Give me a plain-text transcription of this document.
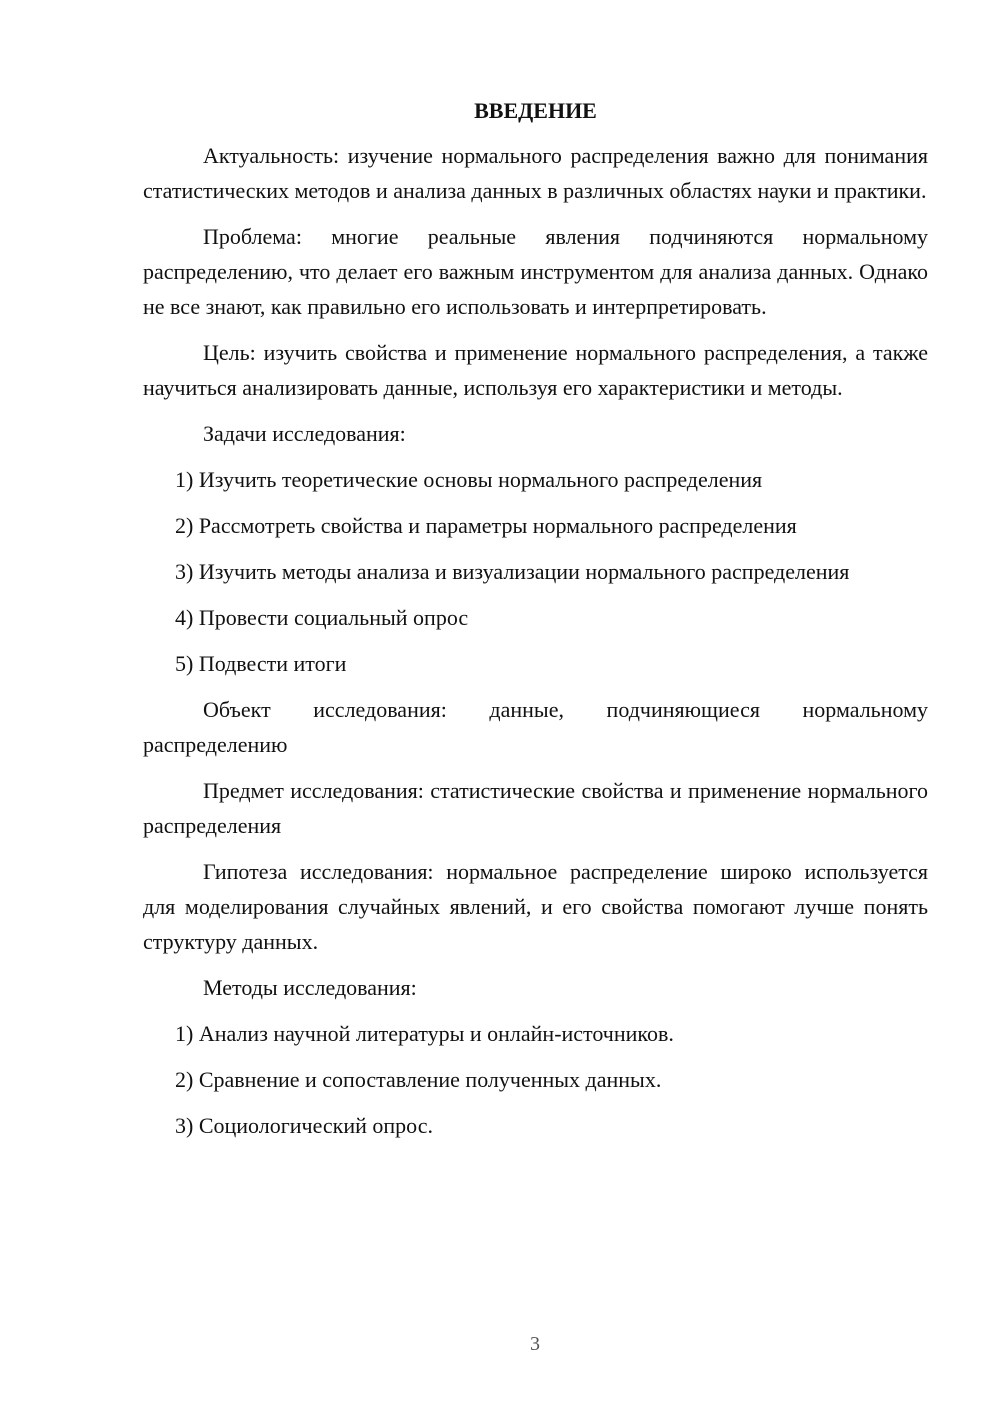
ВВЕДЕНИЕ

Актуальность: изучение нормального распределения важно для понимания статистических методов и анализа данных в различных областях науки и практики.

Проблема: многие реальные явления подчиняются нормальному распределению, что делает его важным инструментом для анализа данных. Однако не все знают, как правильно его использовать и интерпретировать.

Цель: изучить свойства и применение нормального распределения, а также научиться анализировать данные, используя его характеристики и методы.

Задачи исследования:

1) Изучить теоретические основы нормального распределения

2) Рассмотреть свойства и параметры нормального распределения

3) Изучить методы анализа и визуализации нормального распределения

4) Провести социальный опрос

5) Подвести итоги

Объект исследования: данные, подчиняющиеся нормальному распределению

Предмет исследования: статистические свойства и применение нормального распределения

Гипотеза исследования: нормальное распределение широко используется для моделирования случайных явлений, и его свойства помогают лучше понять структуру данных.

Методы исследования:

1) Анализ научной литературы и онлайн-источников.

2) Сравнение и сопоставление полученных данных.

3) Социологический опрос.

3
